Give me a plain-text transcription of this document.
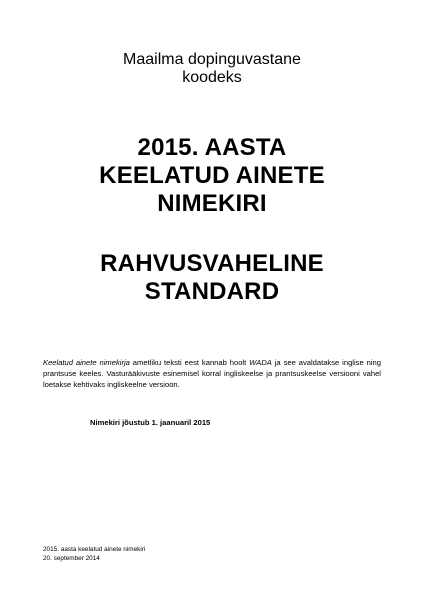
Maailma dopinguvastane
koodeks
2015. AASTA
KEELATUD AINETE
NIMEKIRI
RAHVUSVAHELINE
STANDARD

Keelatud ainete nimekirja ametliku teksti eest kannab hoolt WADA ja see avaldatakse inglise ning prantsuse keeles. Vasturääkivuste esinemisel korral ingliskeelse ja prantsuskeelse versiooni vahel loetakse kehtivaks ingliskeelne versioon.

Nimekiri jõustub 1. jaanuaril 2015
2015. aasta keelatud ainete nimekiri
20. september 2014
